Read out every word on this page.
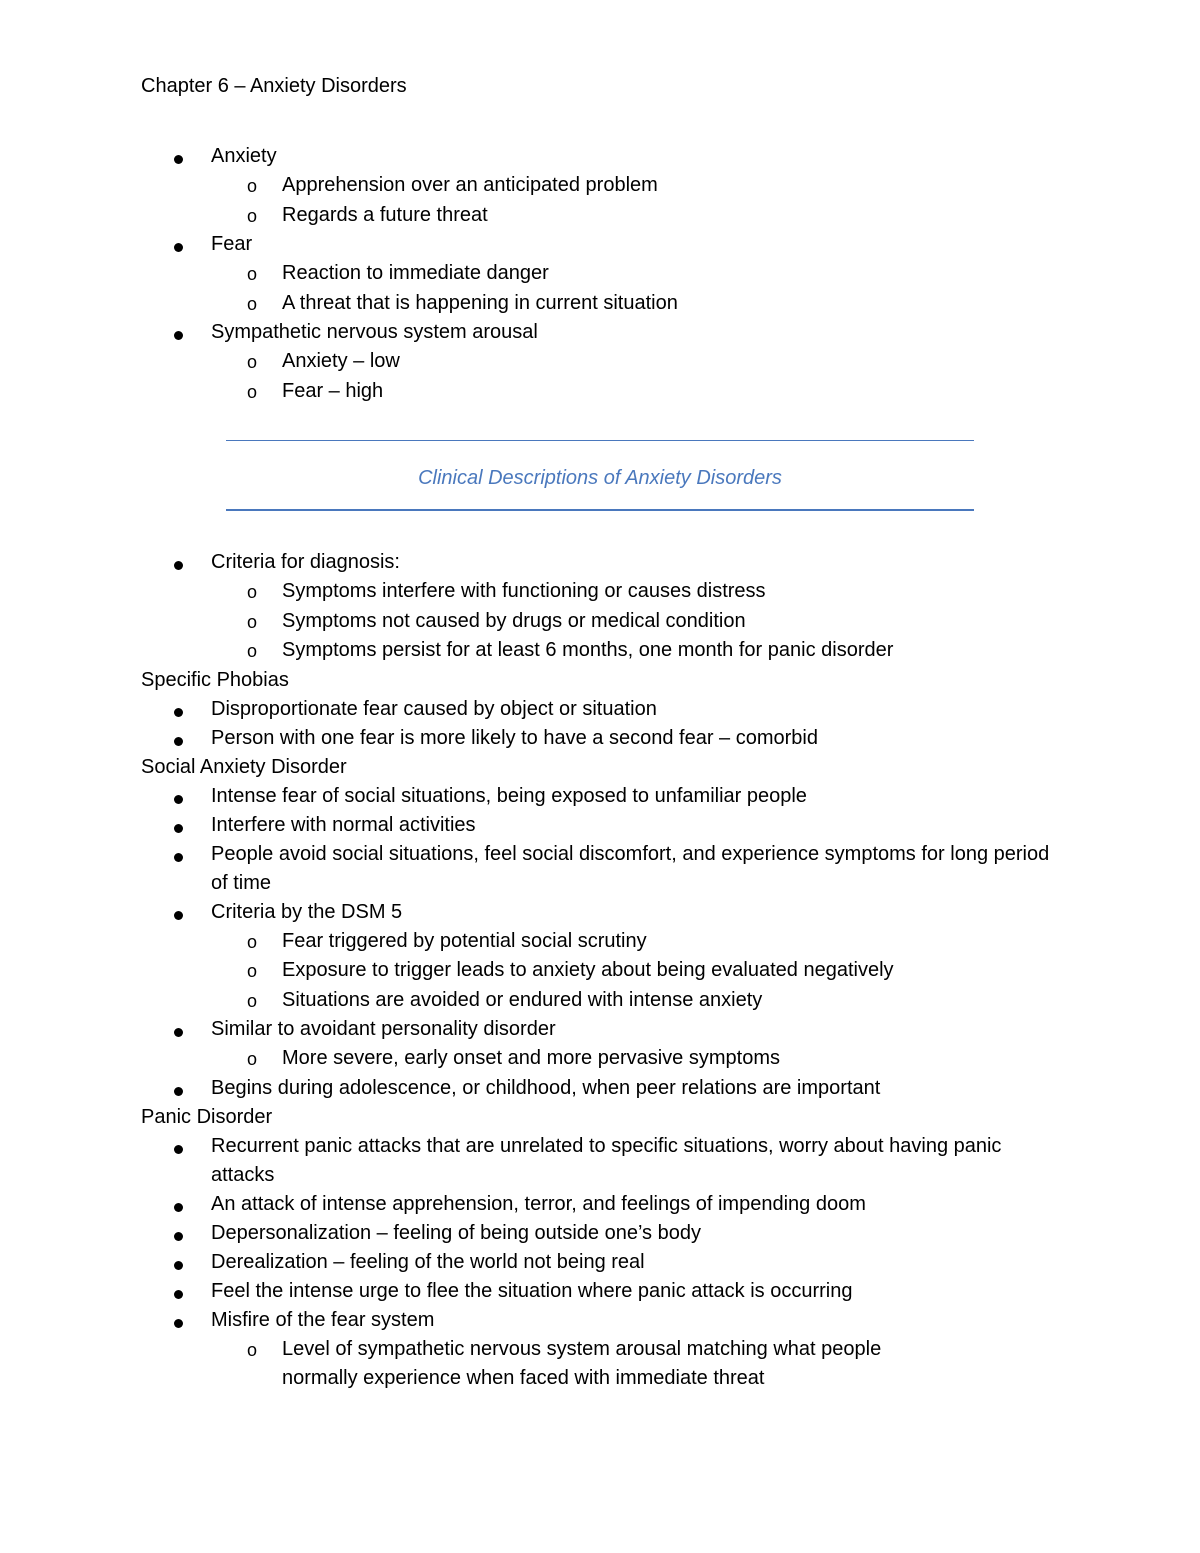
Chapter 6 – Anxiety Disorders
Anxiety
o Apprehension over an anticipated problem
o Regards a future threat
Fear
o Reaction to immediate danger
o A threat that is happening in current situation
Sympathetic nervous system arousal
o Anxiety – low
o Fear – high
Clinical Descriptions of Anxiety Disorders
Criteria for diagnosis:
o Symptoms interfere with functioning or causes distress
o Symptoms not caused by drugs or medical condition
o Symptoms persist for at least 6 months, one month for panic disorder
Specific Phobias
Disproportionate fear caused by object or situation
Person with one fear is more likely to have a second fear – comorbid
Social Anxiety Disorder
Intense fear of social situations, being exposed to unfamiliar people
Interfere with normal activities
People avoid social situations, feel social discomfort, and experience symptoms for long period of time
Criteria by the DSM 5
o Fear triggered by potential social scrutiny
o Exposure to trigger leads to anxiety about being evaluated negatively
o Situations are avoided or endured with intense anxiety
Similar to avoidant personality disorder
o More severe, early onset and more pervasive symptoms
Begins during adolescence, or childhood, when peer relations are important
Panic Disorder
Recurrent panic attacks that are unrelated to specific situations, worry about having panic attacks
An attack of intense apprehension, terror, and feelings of impending doom
Depersonalization – feeling of being outside one’s body
Derealization – feeling of the world not being real
Feel the intense urge to flee the situation where panic attack is occurring
Misfire of the fear system
o Level of sympathetic nervous system arousal matching what people normally experience when faced with immediate threat
